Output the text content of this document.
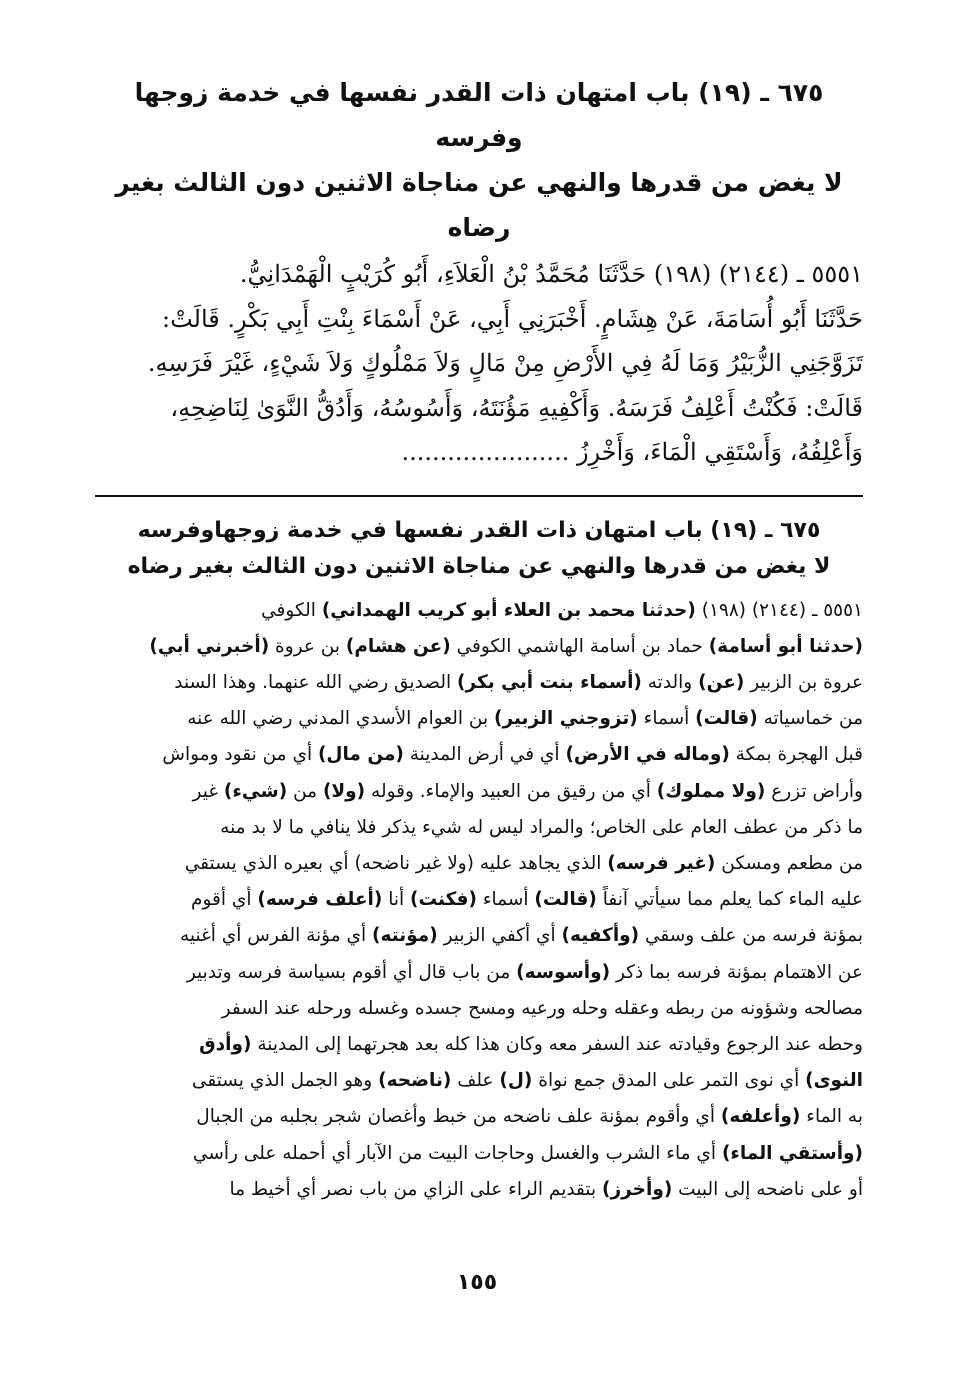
٦٧٥ ـ (١٩) باب امتهان ذات القدر نفسها في خدمة زوجها وفرسه
لا يغض من قدرها والنهي عن مناجاة الاثنين دون الثالث بغير رضاه
٥٥٥١ ـ (٢١٤٤) (١٩٨) حَدَّثَنَا مُحَمَّدُ بْنُ الْعَلاَءِ، أَبُو كُرَيْبٍ الْهَمْدَانِيُّ.
حَدَّثَنَا أَبُو أُسَامَةَ، عَنْ هِشَامٍ. أَخْبَرَنِي أَبِي، عَنْ أَسْمَاءَ بِنْتِ أَبِي بَكْرٍ. قَالَتْ:
تَزَوَّجَنِي الزُّبَيْرُ وَمَا لَهُ فِي الأَرْضِ مِنْ مَالٍ وَلاَ مَمْلُوكٍ وَلاَ شَيْءٍ، غَيْرَ فَرَسِهِ.
قَالَتْ: فَكُنْتُ أَعْلِفُ فَرَسَهُ. وَأَكْفِيهِ مَؤُنَتَهُ، وَأَسُوسُهُ، وَأَدُقُّ النَّوَىٰ لِنَاضِحِهِ،
وَأَعْلِفُهُ، وَأَسْتَقِي الْمَاءَ، وَأَخْرِزُ ......................
٦٧٥ ـ (١٩) باب امتهان ذات القدر نفسها في خدمة زوجهاوفرسه
لا يغض من قدرها والنهي عن مناجاة الاثنين دون الثالث بغير رضاه
٥٥٥١ ـ (٢١٤٤) (١٩٨) (حدثنا محمد بن العلاء أبو كريب الهمداني) الكوفي
(حدثنا أبو أسامة) حماد بن أسامة الهاشمي الكوفي (عن هشام) بن عروة (أخبرني أبي)
عروة بن الزبير (عن) والدته (أسماء بنت أبي بكر) الصديق رضي الله عنهما. وهذا السند
من خماسياته (قالت) أسماء (تزوجني الزبير) بن العوام الأسدي المدني رضي الله عنه
قبل الهجرة بمكة (وماله في الأرض) أي في أرض المدينة (من مال) أي من نقود ومواش
وأراض تزرع (ولا مملوك) أي من رقيق من العبيد والإماء. وقوله (ولا) من (شيء) غير
ما ذكر من عطف العام على الخاص؛ والمراد ليس له شيء يذكر فلا ينافي ما لا بد منه
من مطعم ومسكن (غير فرسه) الذي يجاهد عليه (ولا غير ناضحه) أي بعيره الذي يستقي
عليه الماء كما يعلم مما سيأتي آنفاً (قالت) أسماء (فكنت) أنا (أعلف فرسه) أي أقوم
بمؤنة فرسه من علف وسقي (وأكفيه) أي أكفي الزبير (مؤنته) أي مؤنة الفرس أي أغنيه
عن الاهتمام بمؤنة فرسه بما ذكر (وأسوسه) من باب قال أي أقوم بسياسة فرسه وتدبير
مصالحه وشؤونه من ربطه وعقله وحله ورعيه ومسح جسده وغسله ورحله عند السفر
وحطه عند الرجوع وقيادته عند السفر معه وكان هذا كله بعد هجرتهما إلى المدينة (وأدق
النوى) أي نوى التمر على المدق جمع نواة (ل) علف (ناضحه) وهو الجمل الذي يستقى
به الماء (وأعلفه) أي وأقوم بمؤنة علف ناضحه من خبط وأغصان شجر بجلبه من الجبال
(وأستقي الماء) أي ماء الشرب والغسل وحاجات البيت من الآبار أي أحمله على رأسي
أو على ناضحه إلى البيت (وأخرز) بتقديم الراء على الزاي من باب نصر أي أخيط ما
١٥٥
